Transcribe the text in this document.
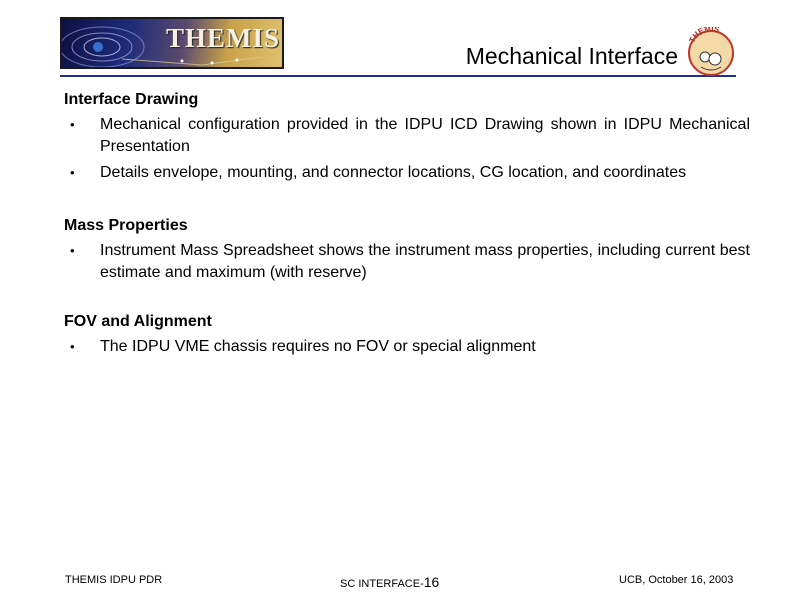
THEMIS
Mechanical Interface
THEMIS
Interface Drawing
• Mechanical configuration provided in the IDPU ICD Drawing shown in IDPU Mechanical Presentation
• Details envelope, mounting, and connector locations, CG location, and coordinates
Mass Properties
• Instrument Mass Spreadsheet shows the instrument mass properties, including current best estimate and maximum (with reserve)
FOV and Alignment
• The IDPU VME chassis requires no FOV or special alignment
THEMIS IDPU PDR	SC INTERFACE-16	UCB, October 16, 2003
